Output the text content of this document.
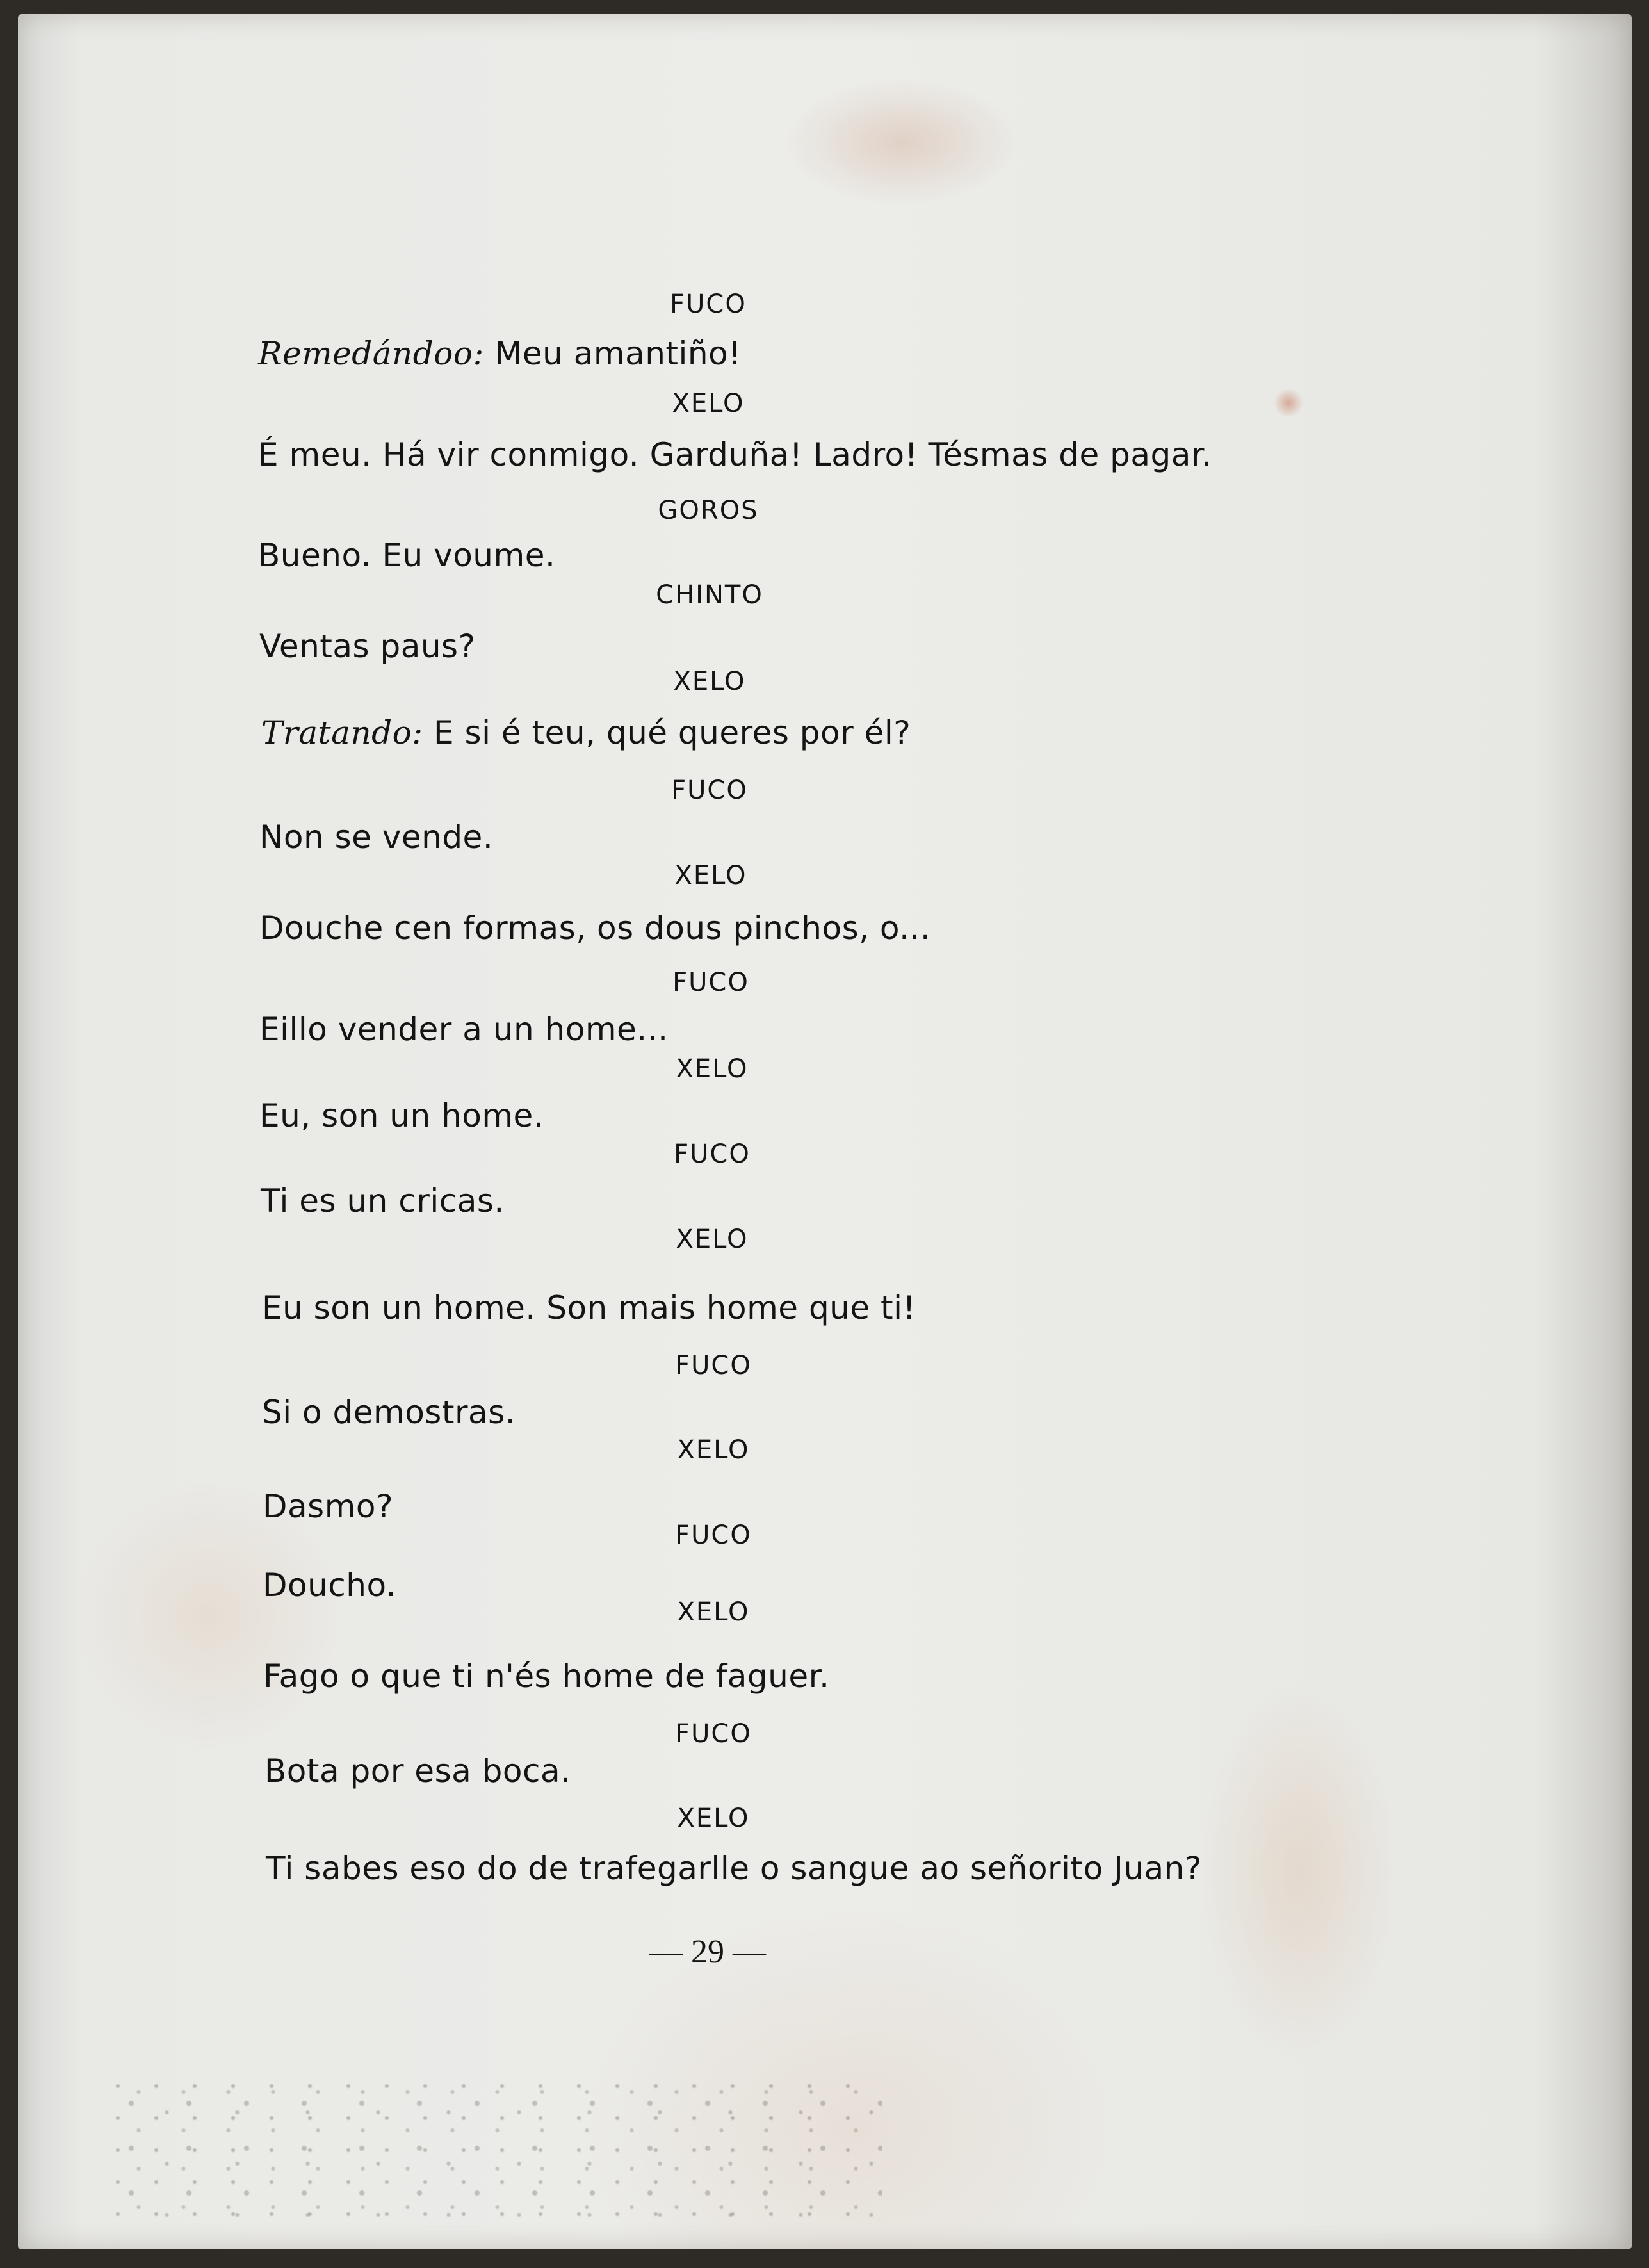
FUCO
Remedándoo: Meu amantiño!
XELO
É meu. Há vir conmigo. Garduña! Ladro! Tésmas de pagar.
GOROS
Bueno. Eu voume.
CHINTO
Ventas paus?
XELO
Tratando: E si é teu, qué queres por él?
FUCO
Non se vende.
XELO
Douche cen formas, os dous pinchos, o...
FUCO
Eillo vender a un home...
XELO
Eu, son un home.
FUCO
Ti es un cricas.
XELO
Eu son un home. Son mais home que ti!
FUCO
Si o demostras.
XELO
Dasmo?
FUCO
Doucho.
XELO
Fago o que ti n'és home de faguer.
FUCO
Bota por esa boca.
XELO
Ti sabes eso do de trafegarlle o sangue ao señorito Juan?
— 29 —
